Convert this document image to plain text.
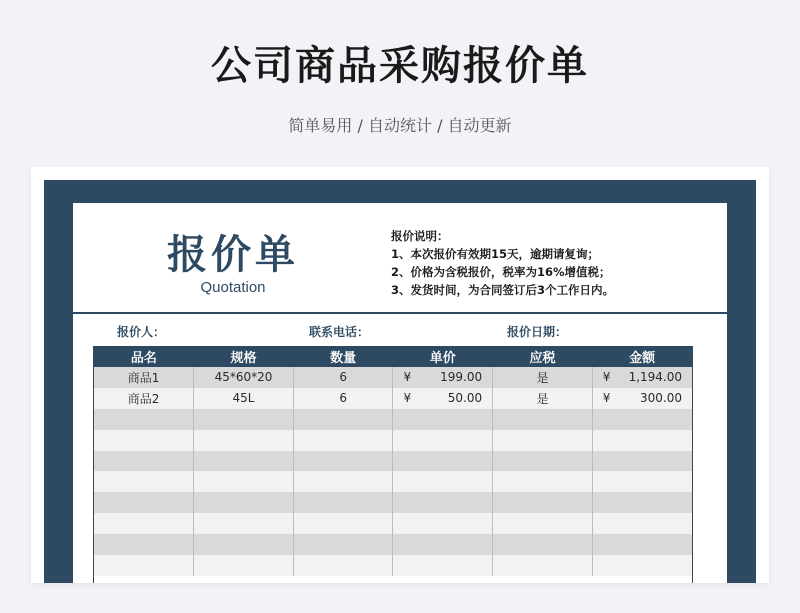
公司商品采购报价单
简单易用 / 自动统计 / 自动更新
报价单
Quotation
报价说明：
1、本次报价有效期15天，逾期请复询；
2、价格为含税报价，税率为16%增值税；
3、发货时间，为合同签订后3个工作日内。
报价人：	联系电话：	报价日期：
品名	规格	数量	单价	应税	金额
商品1	45*60*20	6	¥ 199.00	是	¥ 1,194.00

商品2	45L	6	¥ 50.00	是	¥ 300.00
